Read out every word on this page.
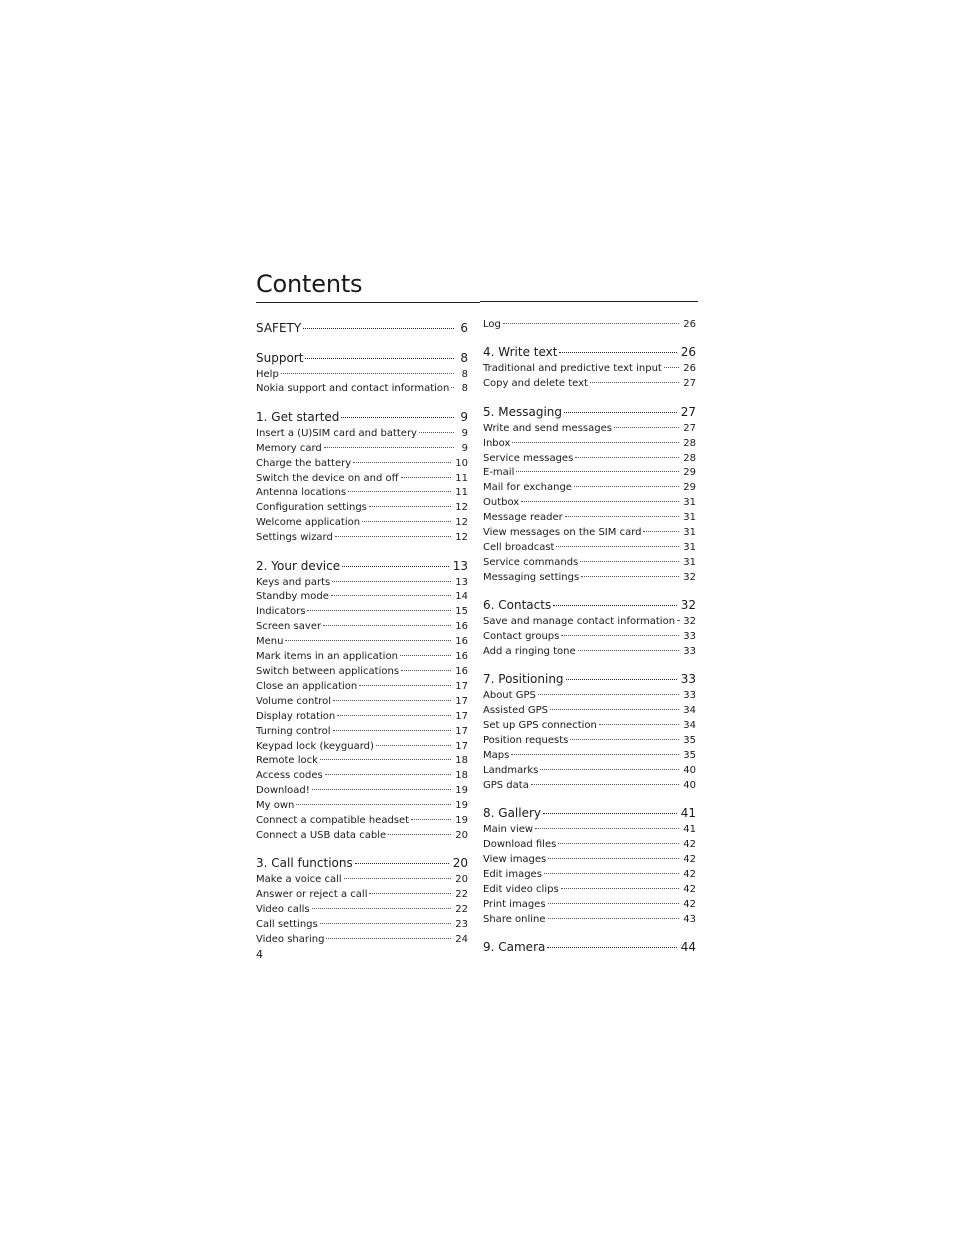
Contents
SAFETY	6
Support	8
Help	8
Nokia support and contact information	8
1. Get started	9
Insert a (U)SIM card and battery	9
Memory card	9
Charge the battery	10
Switch the device on and off	11
Antenna locations	11
Configuration settings	12
Welcome application	12
Settings wizard	12
2. Your device	13
Keys and parts	13
Standby mode	14
Indicators	15
Screen saver	16
Menu	16
Mark items in an application	16
Switch between applications	16
Close an application	17
Volume control	17
Display rotation	17
Turning control	17
Keypad lock (keyguard)	17
Remote lock	18
Access codes	18
Download!	19
My own	19
Connect a compatible headset	19
Connect a USB data cable	20
3. Call functions	20
Make a voice call	20
Answer or reject a call	22
Video calls	22
Call settings	23
Video sharing	24
Log	26
4. Write text	26
Traditional and predictive text input 26
Copy and delete text	27
5. Messaging	27
Write and send messages	27
Inbox	28
Service messages	28
E-mail	29
Mail for exchange	29
Outbox	31
Message reader	31
View messages on the SIM card	31
Cell broadcast	31
Service commands	31
Messaging settings	32
6. Contacts	32
Save and manage contact information 32
Contact groups	33
Add a ringing tone	33
7. Positioning	33
About GPS	33
Assisted GPS	34
Set up GPS connection	34
Position requests	35
Maps	35
Landmarks	40
GPS data	40
8. Gallery	41
Main view	41
Download files	42
View images	42
Edit images	42
Edit video clips	42
Print images	42
Share online	43
9. Camera	44
4
